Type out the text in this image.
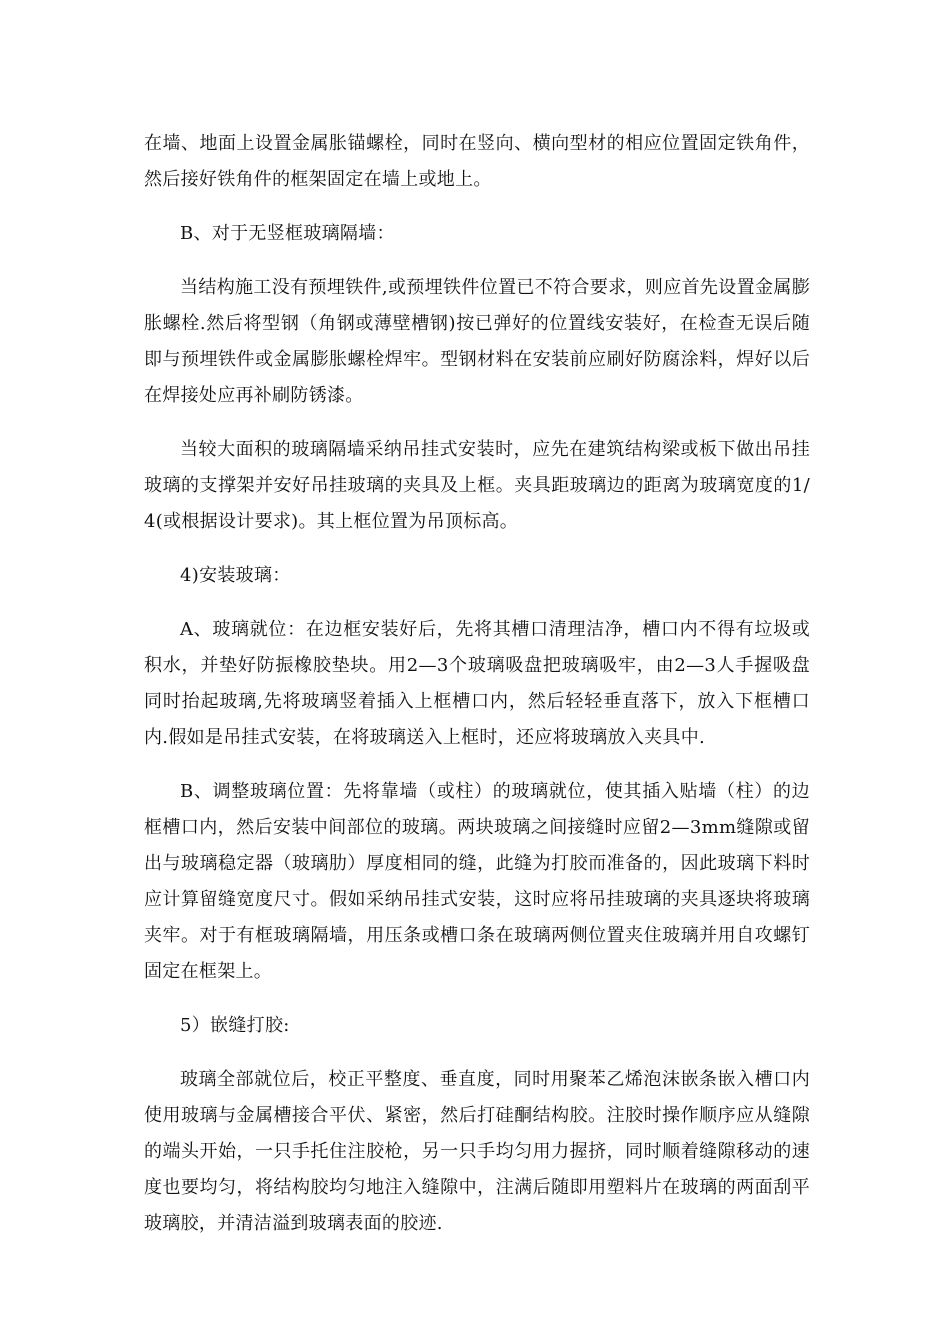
在墙、地面上设置金属胀锚螺栓，同时在竖向、横向型材的相应位置固定铁角件，然后接好铁角件的框架固定在墙上或地上。

B、对于无竖框玻璃隔墙：

当结构施工没有预埋铁件,或预埋铁件位置已不符合要求，则应首先设置金属膨胀螺栓.然后将型钢（角钢或薄壁槽钢)按已弹好的位置线安装好，在检查无误后随即与预埋铁件或金属膨胀螺栓焊牢。型钢材料在安装前应刷好防腐涂料，焊好以后在焊接处应再补刷防锈漆。

当较大面积的玻璃隔墙采纳吊挂式安装时，应先在建筑结构梁或板下做出吊挂玻璃的支撑架并安好吊挂玻璃的夹具及上框。夹具距玻璃边的距离为玻璃宽度的1/4(或根据设计要求)。其上框位置为吊顶标高。

4)安装玻璃：

A、玻璃就位：在边框安装好后，先将其槽口清理洁净，槽口内不得有垃圾或积水，并垫好防振橡胶垫块。用2—3个玻璃吸盘把玻璃吸牢，由2—3人手握吸盘同时抬起玻璃,先将玻璃竖着插入上框槽口内，然后轻轻垂直落下，放入下框槽口内.假如是吊挂式安装，在将玻璃送入上框时，还应将玻璃放入夹具中.

B、调整玻璃位置：先将靠墙（或柱）的玻璃就位，使其插入贴墙（柱）的边框槽口内，然后安装中间部位的玻璃。两块玻璃之间接缝时应留2—3mm缝隙或留出与玻璃稳定器（玻璃肋）厚度相同的缝，此缝为打胶而准备的，因此玻璃下料时应计算留缝宽度尺寸。假如采纳吊挂式安装，这时应将吊挂玻璃的夹具逐块将玻璃夹牢。对于有框玻璃隔墙，用压条或槽口条在玻璃两侧位置夹住玻璃并用自攻螺钉固定在框架上。

5）嵌缝打胶:

玻璃全部就位后，校正平整度、垂直度，同时用聚苯乙烯泡沫嵌条嵌入槽口内使用玻璃与金属槽接合平伏、紧密，然后打硅酮结构胶。注胶时操作顺序应从缝隙的端头开始，一只手托住注胶枪，另一只手均匀用力握挤，同时顺着缝隙移动的速度也要均匀，将结构胶均匀地注入缝隙中，注满后随即用塑料片在玻璃的两面刮平玻璃胶，并清洁溢到玻璃表面的胶迹.
